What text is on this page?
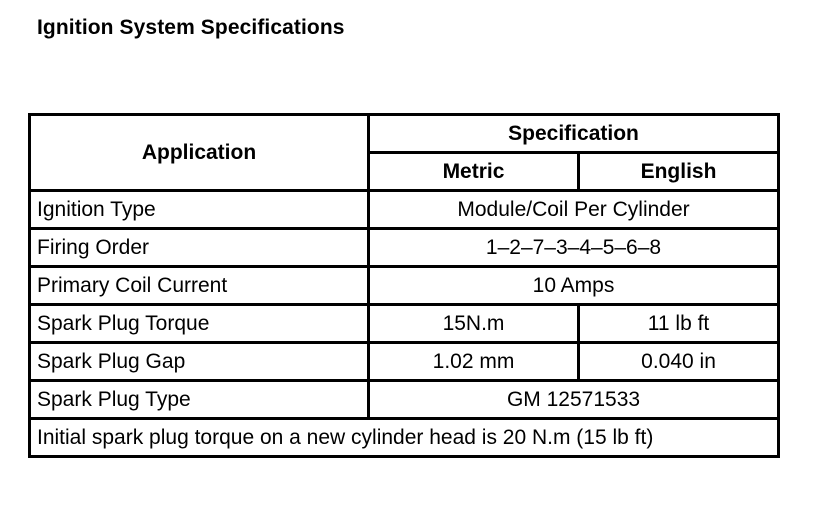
Ignition System Specifications
Application	Specification	
	Metric	English
Ignition Type	Module/Coil Per Cylinder	
Firing Order	1–2–7–3–4–5–6–8	
Primary Coil Current	10 Amps	
Spark Plug Torque	15N.m	11 lb ft
Spark Plug Gap	1.02 mm	0.040 in
Spark Plug Type	GM 12571533	
Initial spark plug torque on a new cylinder head is 20 N.m (15 lb ft)		
